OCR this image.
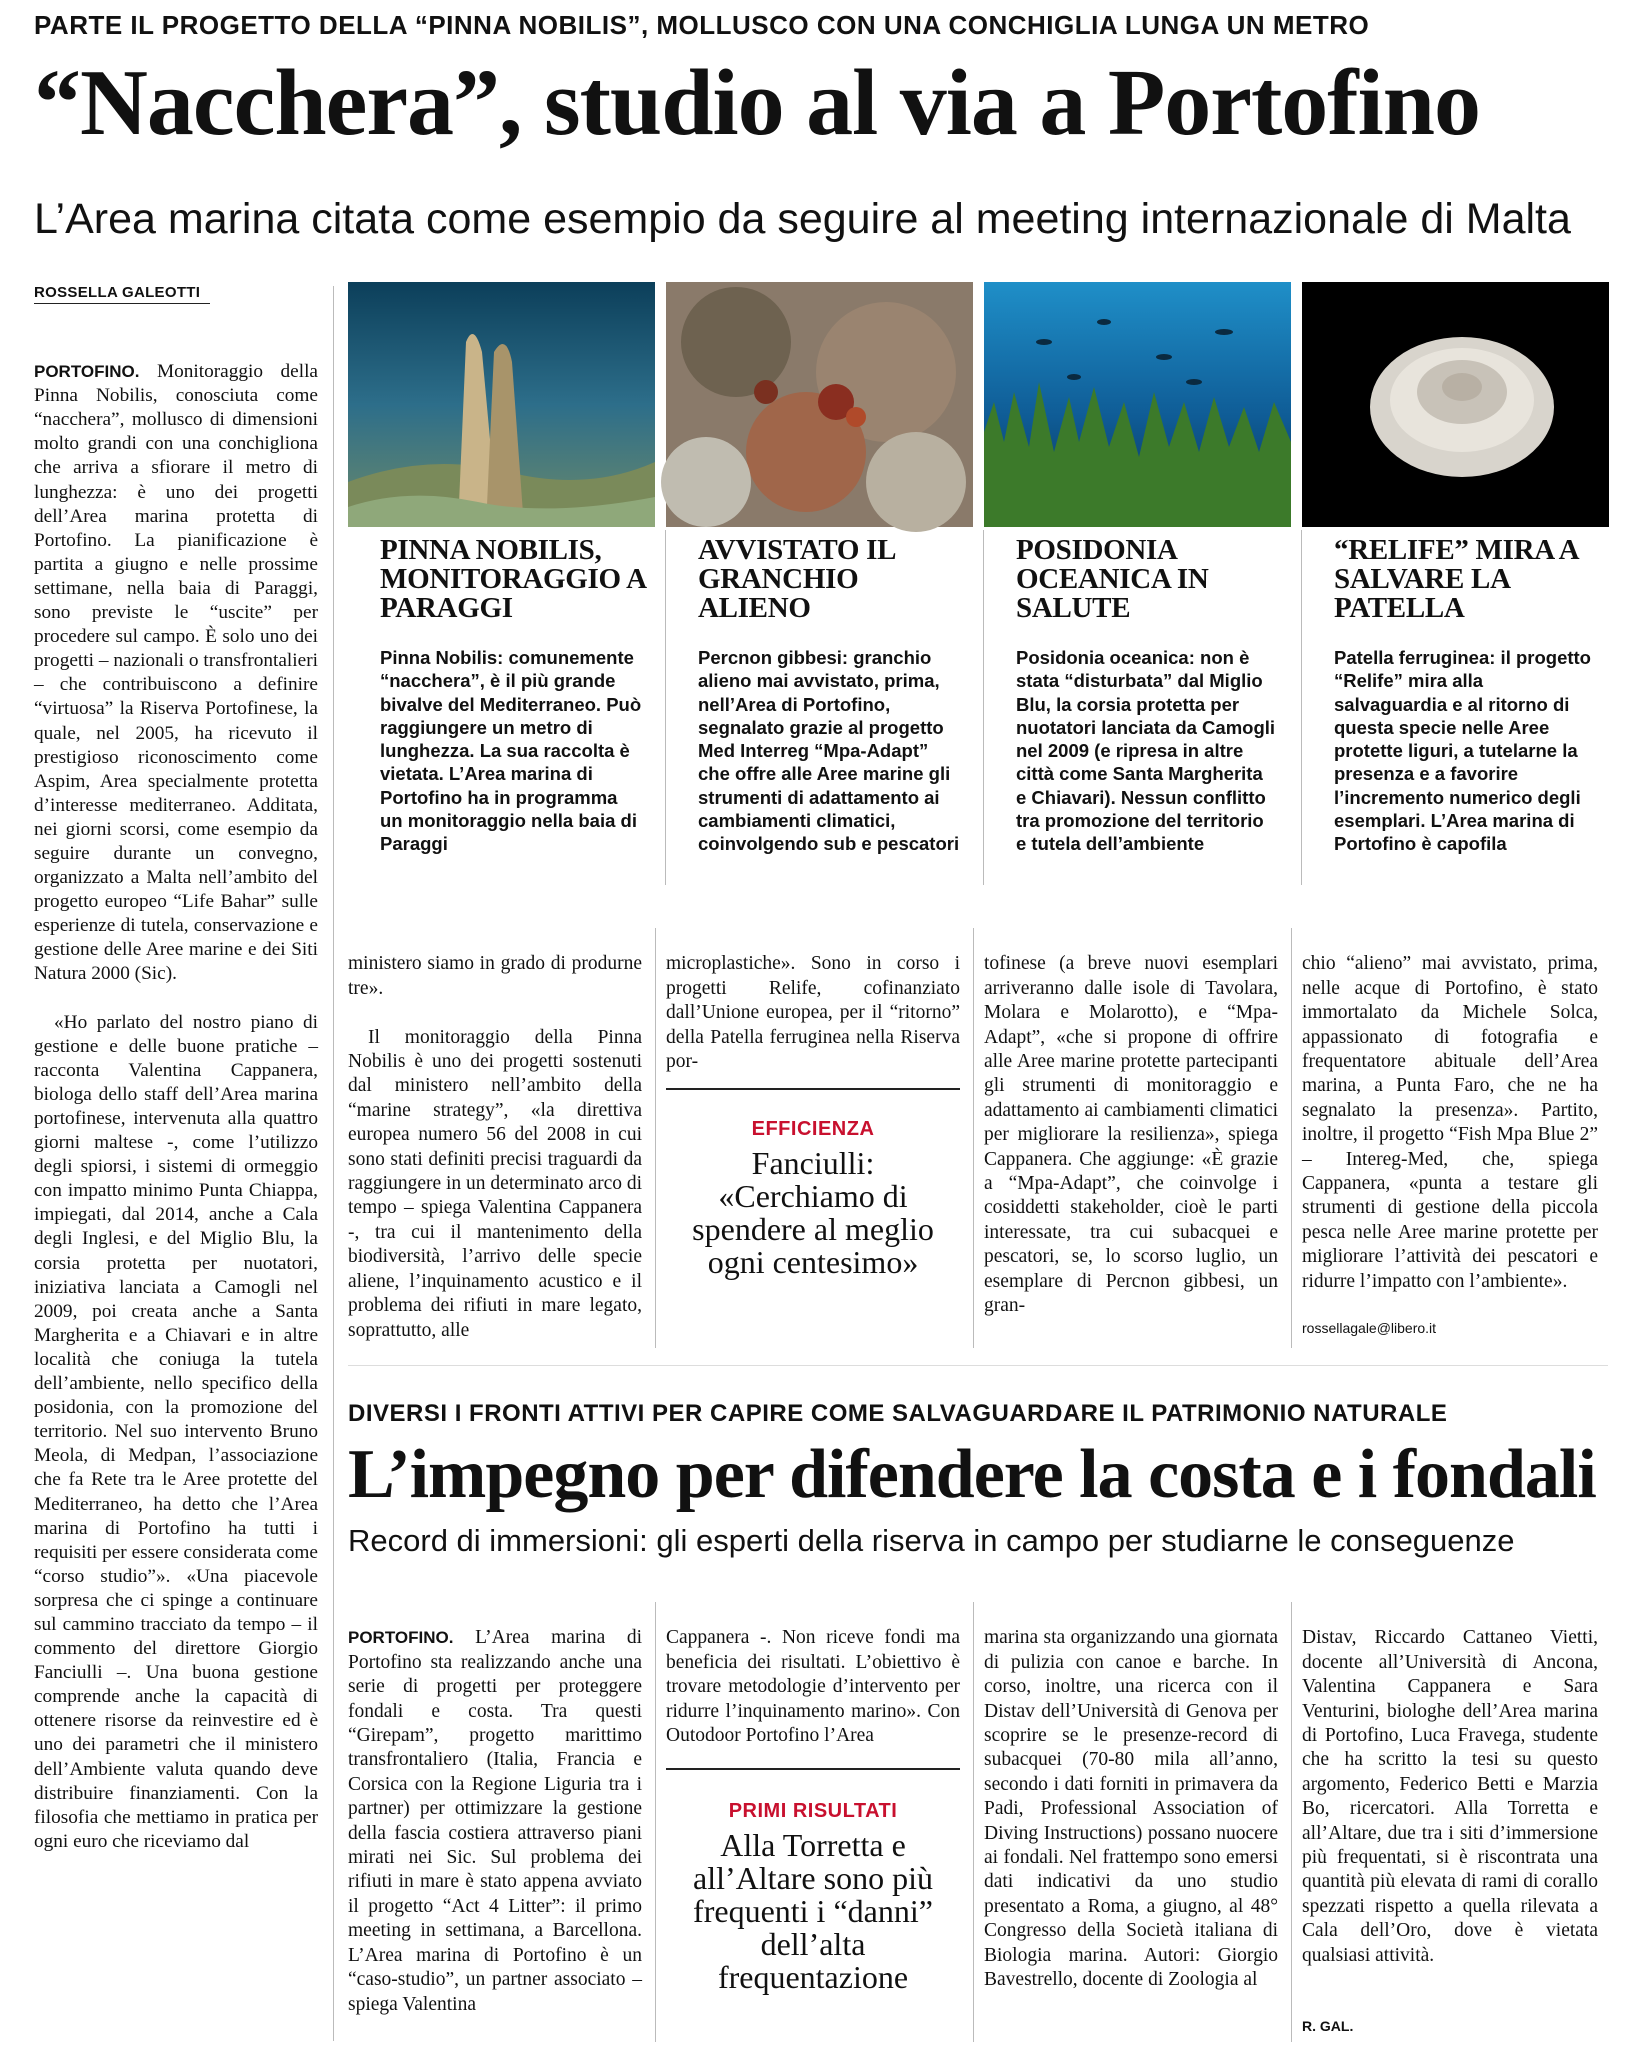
PARTE IL PROGETTO DELLA “PINNA NOBILIS”, MOLLUSCO CON UNA CONCHIGLIA LUNGA UN METRO
“Nacchera”, studio al via a Portofino
L’Area marina citata come esempio da seguire al meeting internazionale di Malta
ROSSELLA GALEOTTI

PORTOFINO. Monitoraggio della Pinna Nobilis, conosciuta come “nacchera”, mollusco di dimensioni molto grandi con una conchigliona che arriva a sfiorare il metro di lunghezza: è uno dei progetti dell’Area marina protetta di Portofino. La pianificazione è partita a giugno e nelle prossime settimane, nella baia di Paraggi, sono previste le “uscite” per procedere sul campo. È solo uno dei progetti – nazionali o transfrontalieri – che contribuiscono a definire “virtuosa” la Riserva Portofinese, la quale, nel 2005, ha ricevuto il prestigioso riconoscimento come Aspim, Area specialmente protetta d’interesse mediterraneo. Additata, nei giorni scorsi, come esempio da seguire durante un convegno, organizzato a Malta nell’ambito del progetto europeo “Life Bahar” sulle esperienze di tutela, conservazione e gestione delle Aree marine e dei Siti Natura 2000 (Sic).

«Ho parlato del nostro piano di gestione e delle buone pratiche – racconta Valentina Cappanera, biologa dello staff dell’Area marina portofinese, intervenuta alla quattro giorni maltese -, come l’utilizzo degli spiorsi, i sistemi di ormeggio con impatto minimo Punta Chiappa, impiegati, dal 2014, anche a Cala degli Inglesi, e del Miglio Blu, la corsia protetta per nuotatori, iniziativa lanciata a Camogli nel 2009, poi creata anche a Santa Margherita e a Chiavari e in altre località che coniuga la tutela dell’ambiente, nello specifico della posidonia, con la promozione del territorio. Nel suo intervento Bruno Meola, di Medpan, l’associazione che fa Rete tra le Aree protette del Mediterraneo, ha detto che l’Area marina di Portofino ha tutti i requisiti per essere considerata come “corso studio”». «Una piacevole sorpresa che ci spinge a continuare sul cammino tracciato da tempo – il commento del direttore Giorgio Fanciulli –. Una buona gestione comprende anche la capacità di ottenere risorse da reinvestire ed è uno dei parametri che il ministero dell’Ambiente valuta quando deve distribuire finanziamenti. Con la filosofia che mettiamo in pratica per ogni euro che riceviamo dal

PINNA NOBILIS, MONITORAGGIO A PARAGGI
Pinna Nobilis: comunemente “nacchera”, è il più grande bivalve del Mediterraneo. Può raggiungere un metro di lunghezza. La sua raccolta è vietata. L’Area marina di Portofino ha in programma un monitoraggio nella baia di Paraggi
AVVISTATO IL GRANCHIO ALIENO
Percnon gibbesi: granchio alieno mai avvistato, prima, nell’Area di Portofino, segnalato grazie al progetto Med Interreg “Mpa-Adapt” che offre alle Aree marine gli strumenti di adattamento ai cambiamenti climatici, coinvolgendo sub e pescatori
POSIDONIA OCEANICA IN SALUTE
Posidonia oceanica: non è stata “disturbata” dal Miglio Blu, la corsia protetta per nuotatori lanciata da Camogli nel 2009 (e ripresa in altre città come Santa Margherita e Chiavari). Nessun conflitto tra promozione del territorio e tutela dell’ambiente
“RELIFE” MIRA A SALVARE LA PATELLA
Patella ferruginea: il progetto “Relife” mira alla salvaguardia e al ritorno di questa specie nelle Aree protette liguri, a tutelarne la presenza e a favorire l’incremento numerico degli esemplari. L’Area marina di Portofino è capofila

ministero siamo in grado di produrne tre».

Il monitoraggio della Pinna Nobilis è uno dei progetti sostenuti dal ministero nell’ambito della “marine strategy”, «la direttiva europea numero 56 del 2008 in cui sono stati definiti precisi traguardi da raggiungere in un determinato arco di tempo – spiega Valentina Cappanera -, tra cui il mantenimento della biodiversità, l’arrivo delle specie aliene, l’inquinamento acustico e il problema dei rifiuti in mare legato, soprattutto, alle

microplastiche». Sono in corso i progetti Relife, cofinanziato dall’Unione europea, per il “ritorno” della Patella ferruginea nella Riserva por-

EFFICIENZA
Fanciulli: «Cerchiamo di spendere al meglio ogni centesimo»

tofinese (a breve nuovi esemplari arriveranno dalle isole di Tavolara, Molara e Molarotto), e “Mpa-Adapt”, «che si propone di offrire alle Aree marine protette partecipanti gli strumenti di monitoraggio e adattamento ai cambiamenti climatici per migliorare la resilienza», spiega Cappanera. Che aggiunge: «È grazie a “Mpa-Adapt”, che coinvolge i cosiddetti stakeholder, cioè le parti interessate, tra cui subacquei e pescatori, se, lo scorso luglio, un esemplare di Percnon gibbesi, un gran-

chio “alieno” mai avvistato, prima, nelle acque di Portofino, è stato immortalato da Michele Solca, appassionato di fotografia e frequentatore abituale dell’Area marina, a Punta Faro, che ne ha segnalato la presenza». Partito, inoltre, il progetto “Fish Mpa Blue 2” – Intereg-Med, che, spiega Cappanera, «punta a testare gli strumenti di gestione della piccola pesca nelle Aree marine protette per migliorare l’attività dei pescatori e ridurre l’impatto con l’ambiente».

rossellagale@libero.it
DIVERSI I FRONTI ATTIVI PER CAPIRE COME SALVAGUARDARE IL PATRIMONIO NATURALE
L’impegno per difendere la costa e i fondali
Record di immersioni: gli esperti della riserva in campo per studiarne le conseguenze

PORTOFINO. L’Area marina di Portofino sta realizzando anche una serie di progetti per proteggere fondali e costa. Tra questi “Girepam”, progetto marittimo transfrontaliero (Italia, Francia e Corsica con la Regione Liguria tra i partner) per ottimizzare la gestione della fascia costiera attraverso piani mirati nei Sic. Sul problema dei rifiuti in mare è stato appena avviato il progetto “Act 4 Litter”: il primo meeting in settimana, a Barcellona. L’Area marina di Portofino è un “caso-studio”, un partner associato – spiega Valentina

Cappanera -. Non riceve fondi ma beneficia dei risultati. L’obiettivo è trovare metodologie d’intervento per ridurre l’inquinamento marino». Con Outodoor Portofino l’Area

PRIMI RISULTATI
Alla Torretta e all’Altare sono più frequenti i “danni” dell’alta frequentazione

marina sta organizzando una giornata di pulizia con canoe e barche. In corso, inoltre, una ricerca con il Distav dell’Università di Genova per scoprire se le presenze-record di subacquei (70-80 mila all’anno, secondo i dati forniti in primavera da Padi, Professional Association of Diving Instructions) possano nuocere ai fondali. Nel frattempo sono emersi dati indicativi da uno studio presentato a Roma, a giugno, al 48° Congresso della Società italiana di Biologia marina. Autori: Giorgio Bavestrello, docente di Zoologia al

Distav, Riccardo Cattaneo Vietti, docente all’Università di Ancona, Valentina Cappanera e Sara Venturini, biologhe dell’Area marina di Portofino, Luca Fravega, studente che ha scritto la tesi su questo argomento, Federico Betti e Marzia Bo, ricercatori. Alla Torretta e all’Altare, due tra i siti d’immersione più frequentati, si è riscontrata una quantità più elevata di rami di corallo spezzati rispetto a quella rilevata a Cala dell’Oro, dove è vietata qualsiasi attività.

R. GAL.
